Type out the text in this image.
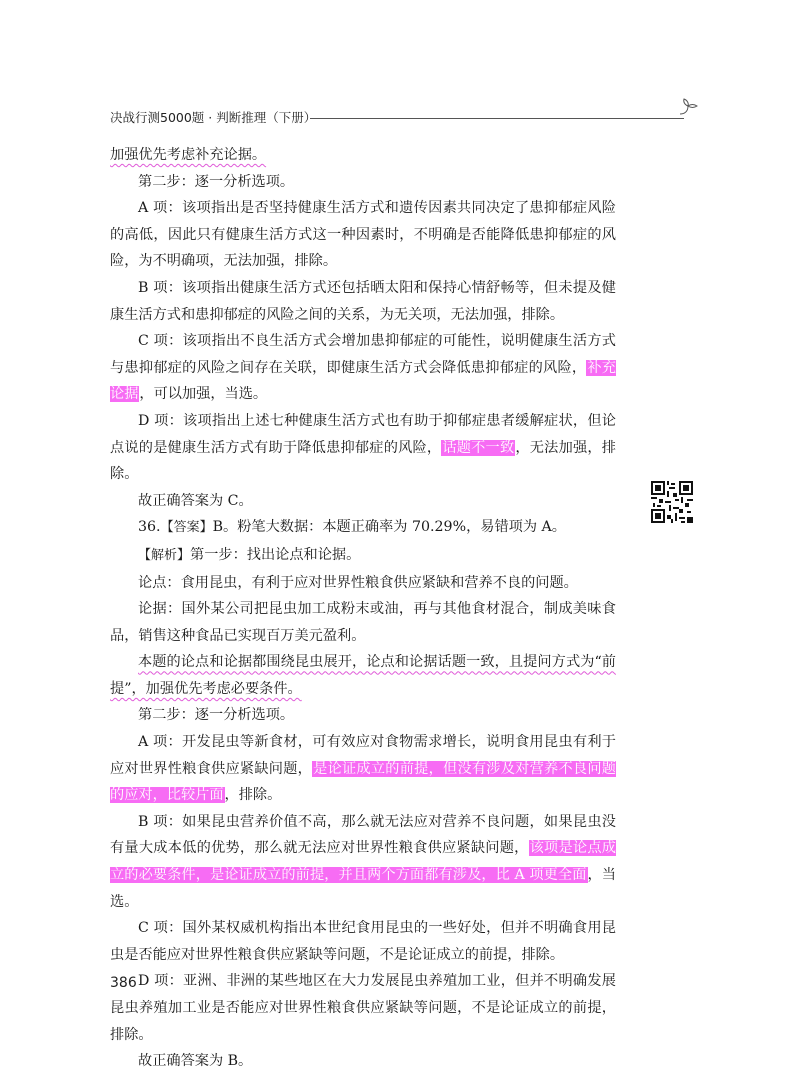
决战行测5000题 · 判断推理（下册）

加强优先考虑补充论据。

第二步：逐一分析选项。

A 项：该项指出是否坚持健康生活方式和遗传因素共同决定了患抑郁症风险的高低，因此只有健康生活方式这一种因素时，不明确是否能降低患抑郁症的风险，为不明确项，无法加强，排除。

B 项：该项指出健康生活方式还包括晒太阳和保持心情舒畅等，但未提及健康生活方式和患抑郁症的风险之间的关系，为无关项，无法加强，排除。

C 项：该项指出不良生活方式会增加患抑郁症的可能性，说明健康生活方式与患抑郁症的风险之间存在关联，即健康生活方式会降低患抑郁症的风险，补充论据，可以加强，当选。

D 项：该项指出上述七种健康生活方式也有助于抑郁症患者缓解症状，但论点说的是健康生活方式有助于降低患抑郁症的风险，话题不一致，无法加强，排除。

故正确答案为 C。

36.【答案】B。粉笔大数据：本题正确率为 70.29%，易错项为 A。

【解析】第一步：找出论点和论据。

论点：食用昆虫，有利于应对世界性粮食供应紧缺和营养不良的问题。

论据：国外某公司把昆虫加工成粉末或油，再与其他食材混合，制成美味食品，销售这种食品已实现百万美元盈利。

本题的论点和论据都围绕昆虫展开，论点和论据话题一致，且提问方式为“前提”，加强优先考虑必要条件。

第二步：逐一分析选项。

A 项：开发昆虫等新食材，可有效应对食物需求增长，说明食用昆虫有利于应对世界性粮食供应紧缺问题，是论证成立的前提，但没有涉及对营养不良问题的应对，比较片面，排除。

B 项：如果昆虫营养价值不高，那么就无法应对营养不良问题，如果昆虫没有量大成本低的优势，那么就无法应对世界性粮食供应紧缺问题，该项是论点成立的必要条件，是论证成立的前提，并且两个方面都有涉及，比 A 项更全面，当选。

C 项：国外某权威机构指出本世纪食用昆虫的一些好处，但并不明确食用昆虫是否能应对世界性粮食供应紧缺等问题，不是论证成立的前提，排除。

D 项：亚洲、非洲的某些地区在大力发展昆虫养殖加工业，但并不明确发展昆虫养殖加工业是否能应对世界性粮食供应紧缺等问题，不是论证成立的前提，排除。

故正确答案为 B。

386
